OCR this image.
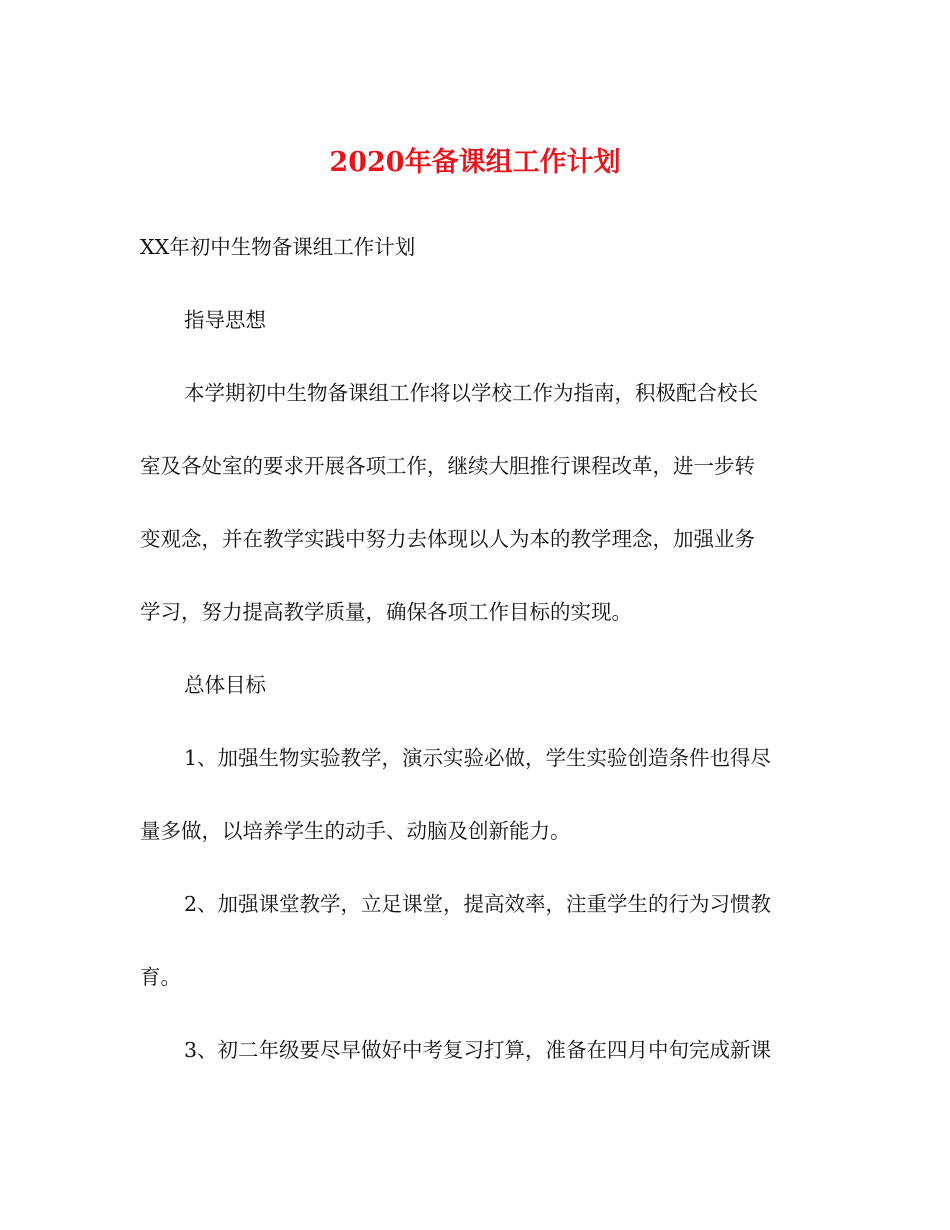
2020年备课组工作计划
XX年初中生物备课组工作计划
指导思想
本学期初中生物备课组工作将以学校工作为指南，积极配合校长
室及各处室的要求开展各项工作，继续大胆推行课程改革，进一步转
变观念，并在教学实践中努力去体现以人为本的教学理念，加强业务
学习，努力提高教学质量，确保各项工作目标的实现。
总体目标
1、加强生物实验教学，演示实验必做，学生实验创造条件也得尽
量多做，以培养学生的动手、动脑及创新能力。
2、加强课堂教学，立足课堂，提高效率，注重学生的行为习惯教
育。
3、初二年级要尽早做好中考复习打算，准备在四月中旬完成新课
